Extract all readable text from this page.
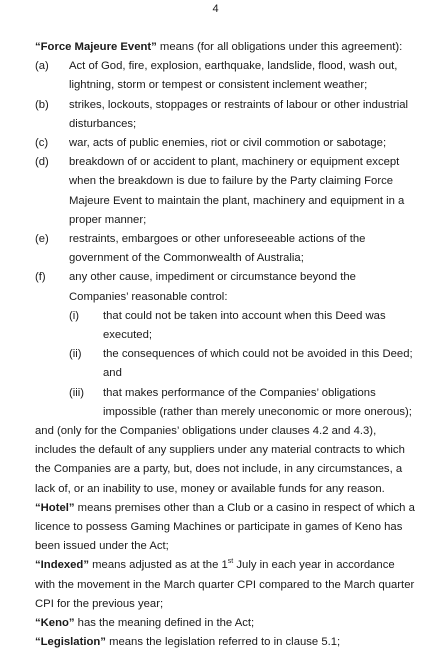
4

“Force Majeure Event” means (for all obligations under this agreement):

(a)	Act of God, fire, explosion, earthquake, landslide, flood, wash out, lightning, storm or tempest or consistent inclement weather;
(b)	strikes, lockouts, stoppages or restraints of labour or other industrial disturbances;
(c)	war, acts of public enemies, riot or civil commotion or sabotage;
(d)	breakdown of or accident to plant, machinery or equipment except when the breakdown is due to failure by the Party claiming Force Majeure Event to maintain the plant, machinery and equipment in a proper manner;
(e)	restraints, embargoes or other unforeseeable actions of the government of the Commonwealth of Australia;
(f)	any other cause, impediment or circumstance beyond the Companies’ reasonable control:
(i)	that could not be taken into account when this Deed was executed;
(ii)	the consequences of which could not be avoided in this Deed; and
(iii)	that makes performance of the Companies’ obligations impossible (rather than merely uneconomic or more onerous);

and (only for the Companies’ obligations under clauses 4.2 and 4.3), includes the default of any suppliers under any material contracts to which the Companies are a party, but, does not include, in any circumstances, a lack of, or an inability to use, money or available funds for any reason.

“Hotel” means premises other than a Club or a casino in respect of which a licence to possess Gaming Machines or participate in games of Keno has been issued under the Act;

“Indexed” means adjusted as at the 1st July in each year in accordance with the movement in the March quarter CPI compared to the March quarter CPI for the previous year;

“Keno” has the meaning defined in the Act;

“Legislation” means the legislation referred to in clause 5.1;
